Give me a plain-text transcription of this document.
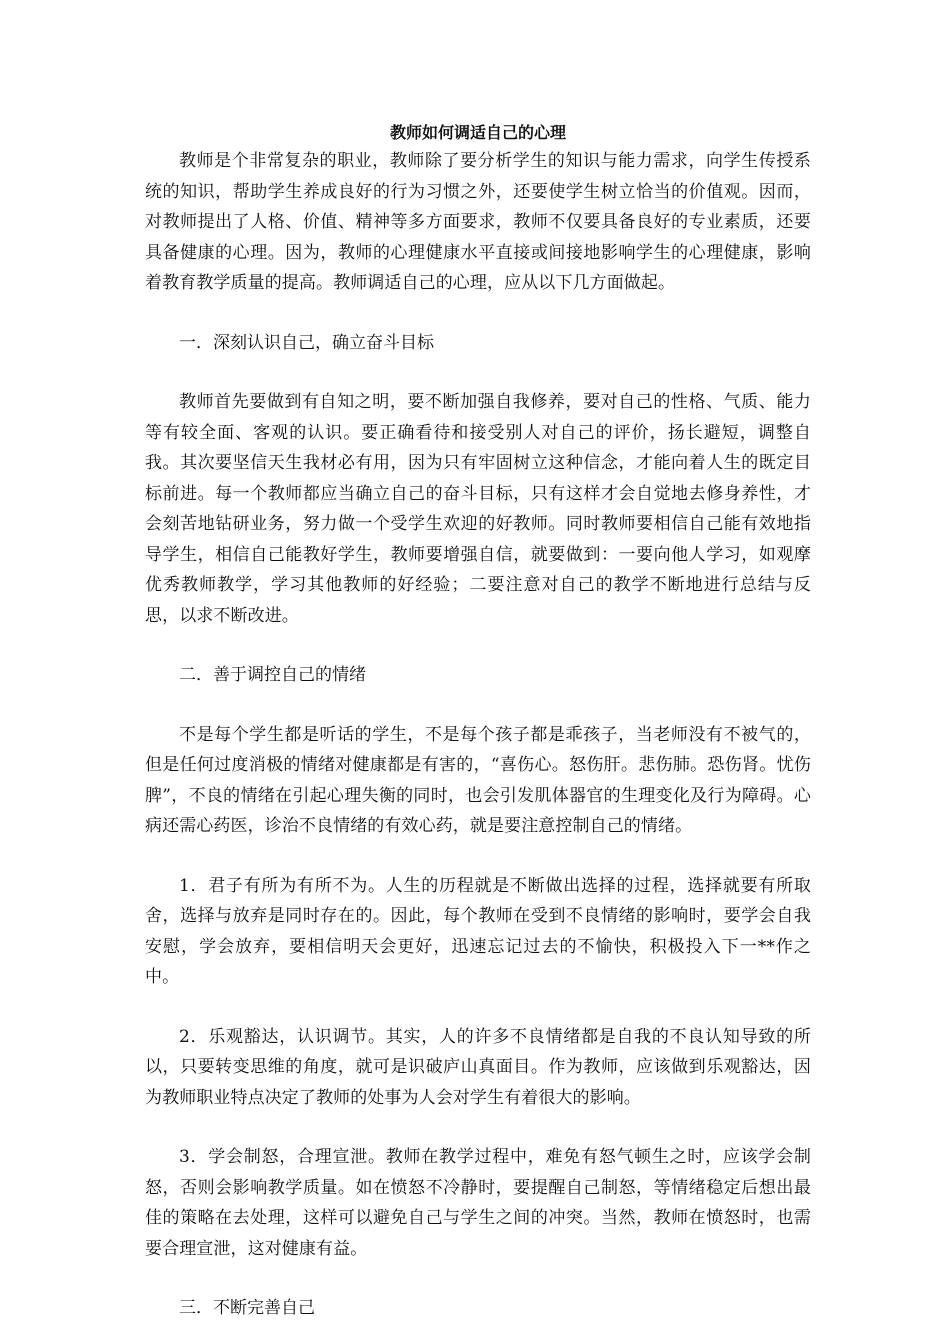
教师如何调适自己的心理

教师是个非常复杂的职业，教师除了要分析学生的知识与能力需求，向学生传授系统的知识，帮助学生养成良好的行为习惯之外，还要使学生树立恰当的价值观。因而，对教师提出了人格、价值、精神等多方面要求，教师不仅要具备良好的专业素质，还要具备健康的心理。因为，教师的心理健康水平直接或间接地影响学生的心理健康，影响着教育教学质量的提高。教师调适自己的心理，应从以下几方面做起。

一．深刻认识自己，确立奋斗目标

教师首先要做到有自知之明，要不断加强自我修养，要对自己的性格、气质、能力等有较全面、客观的认识。要正确看待和接受别人对自己的评价，扬长避短，调整自我。其次要坚信天生我材必有用，因为只有牢固树立这种信念，才能向着人生的既定目标前进。每一个教师都应当确立自己的奋斗目标，只有这样才会自觉地去修身养性，才会刻苦地钻研业务，努力做一个受学生欢迎的好教师。同时教师要相信自己能有效地指导学生，相信自己能教好学生，教师要增强自信，就要做到：一要向他人学习，如观摩优秀教师教学，学习其他教师的好经验；二要注意对自己的教学不断地进行总结与反思，以求不断改进。

二．善于调控自己的情绪

不是每个学生都是听话的学生，不是每个孩子都是乖孩子，当老师没有不被气的，但是任何过度消极的情绪对健康都是有害的，“喜伤心。怒伤肝。悲伤肺。恐伤肾。忧伤脾”，不良的情绪在引起心理失衡的同时，也会引发肌体器官的生理变化及行为障碍。心病还需心药医，诊治不良情绪的有效心药，就是要注意控制自己的情绪。

1．君子有所为有所不为。人生的历程就是不断做出选择的过程，选择就要有所取舍，选择与放弃是同时存在的。因此，每个教师在受到不良情绪的影响时，要学会自我安慰，学会放弃，要相信明天会更好，迅速忘记过去的不愉快，积极投入下一**作之中。

2．乐观豁达，认识调节。其实，人的许多不良情绪都是自我的不良认知导致的所以，只要转变思维的角度，就可是识破庐山真面目。作为教师，应该做到乐观豁达，因为教师职业特点决定了教师的处事为人会对学生有着很大的影响。

3．学会制怒，合理宣泄。教师在教学过程中，难免有怒气顿生之时，应该学会制怒，否则会影响教学质量。如在愤怒不冷静时，要提醒自己制怒，等情绪稳定后想出最佳的策略在去处理，这样可以避免自己与学生之间的冲突。当然，教师在愤怒时，也需要合理宣泄，这对健康有益。

三．不断完善自己
